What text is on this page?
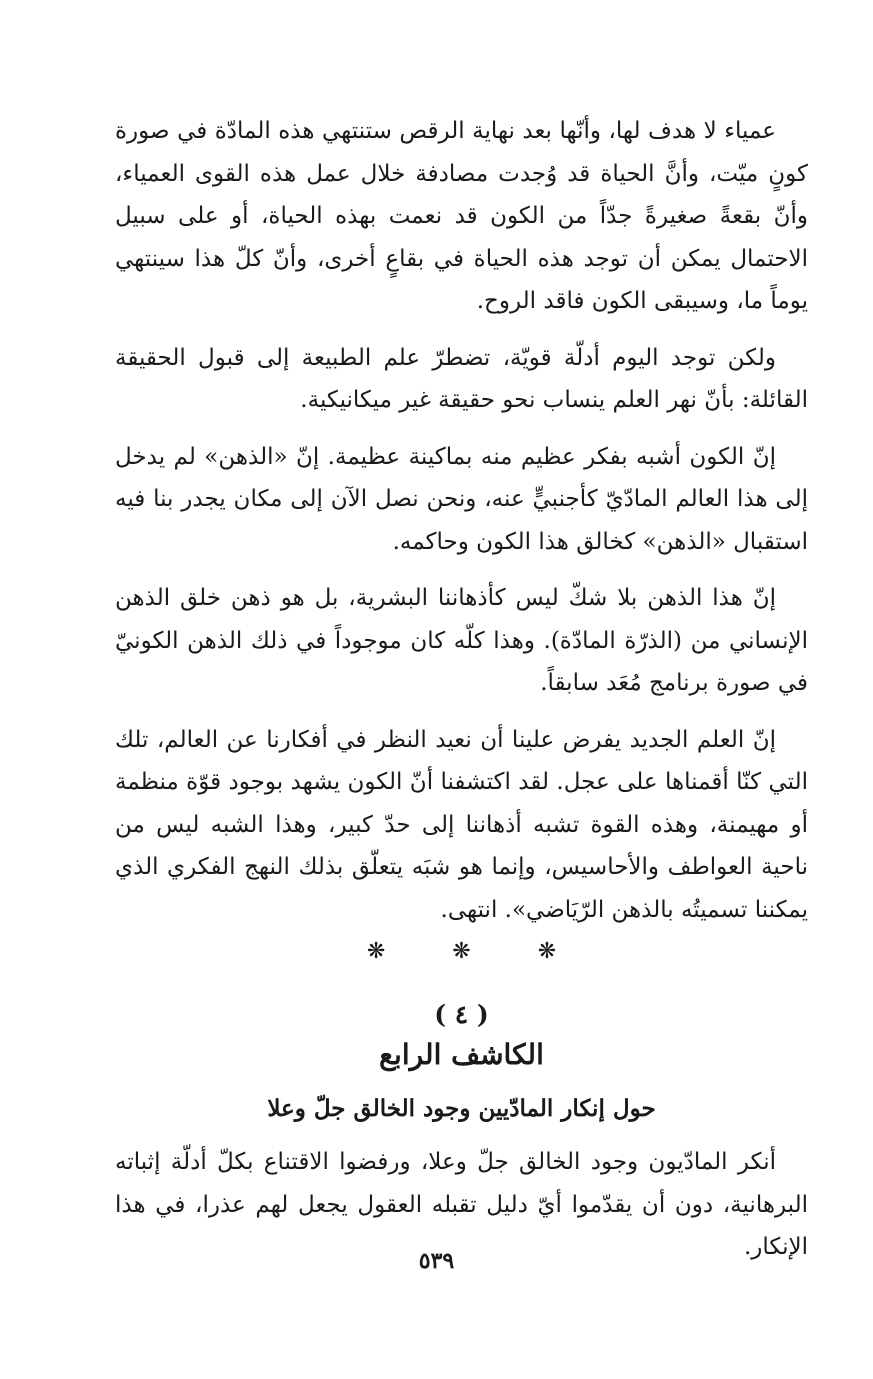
عمياء لا هدف لها، وأنّها بعد نهاية الرقص ستنتهي هذه المادّة في صورة كونٍ ميّت، وأنَّ الحياة قد وُجدت مصادفة خلال عمل هذه القوى العمياء، وأنّ بقعةً صغيرةً جدّاً من الكون قد نعمت بهذه الحياة، أو على سبيل الاحتمال يمكن أن توجد هذه الحياة في بقاعٍ أخرى، وأنّ كلّ هذا سينتهي يوماً ما، وسيبقى الكون فاقد الروح.

ولكن توجد اليوم أدلّة قويّة، تضطرّ علم الطبيعة إلى قبول الحقيقة القائلة: بأنّ نهر العلم ينساب نحو حقيقة غير ميكانيكية.

إنّ الكون أشبه بفكر عظيم منه بماكينة عظيمة. إنّ «الذهن» لم يدخل إلى هذا العالم المادّيّ كأجنبيٍّ عنه، ونحن نصل الآن إلى مكان يجدر بنا فيه استقبال «الذهن» كخالق هذا الكون وحاكمه.

إنّ هذا الذهن بلا شكّ ليس كأذهاننا البشرية، بل هو ذهن خلق الذهن الإنساني من (الذرّة المادّة). وهذا كلّه كان موجوداً في ذلك الذهن الكونيّ في صورة برنامج مُعَد سابقاً.

إنّ العلم الجديد يفرض علينا أن نعيد النظر في أفكارنا عن العالم، تلك التي كنّا أقمناها على عجل. لقد اكتشفنا أنّ الكون يشهد بوجود قوّة منظمة أو مهيمنة، وهذه القوة تشبه أذهاننا إلى حدّ كبير، وهذا الشبه ليس من ناحية العواطف والأحاسيس، وإنما هو شبَه يتعلّق بذلك النهج الفكري الذي يمكننا تسميتُه بالذهن الرّيَاضي». انتهى.

❋ ❋ ❋
( ٤ )
الكاشف الرابع
حول إنكار المادّيين وجود الخالق جلّ وعلا

أنكر المادّيون وجود الخالق جلّ وعلا، ورفضوا الاقتناع بكلّ أدلّة إثباته البرهانية، دون أن يقدّموا أيّ دليل تقبله العقول يجعل لهم عذرا، في هذا الإنكار.

٥٣٩
